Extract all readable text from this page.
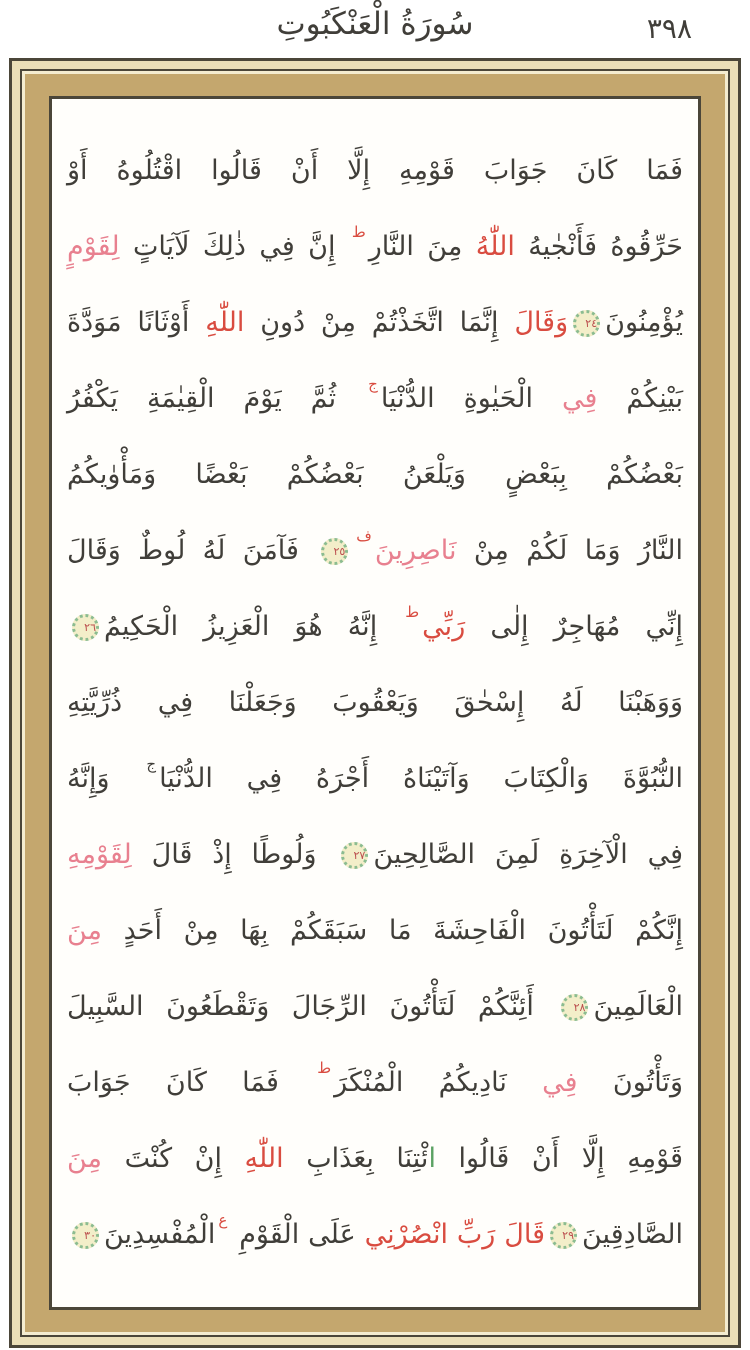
سُورَةُ الْعَنْكَبُوتِ	٣٩٨
فَمَا كَانَ جَوَابَ قَوْمِهِ إِلَّا أَنْ قَالُوا اقْتُلُوهُ أَوْ
حَرِّقُوهُ فَأَنْجٰيهُ اللّٰهُ مِنَ النَّارِط إِنَّ فِي ذٰلِكَ لَآيَاتٍ لِقَوْمٍ
يُؤْمِنُونَ٢٤وَقَالَ إِنَّمَا اتَّخَذْتُمْ مِنْ دُونِ اللّٰهِ أَوْثَانًا مَوَدَّةَ
بَيْنِكُمْ فِي الْحَيٰوةِ الدُّنْيَاج ثُمَّ يَوْمَ الْقِيٰمَةِ يَكْفُرُ
بَعْضُكُمْ بِبَعْضٍ وَيَلْعَنُ بَعْضُكُمْ بَعْضًا وَمَأْوٰيكُمُ
النَّارُ وَمَا لَكُمْ مِنْ نَاصِرِينَف٢٥ فَآمَنَ لَهُ لُوطٌ وَقَالَ
إِنِّي مُهَاجِرٌ إِلٰى رَبِّيط إِنَّهُ هُوَ الْعَزِيزُ الْحَكِيمُ٢٦
وَوَهَبْنَا لَهُ إِسْحٰقَ وَيَعْقُوبَ وَجَعَلْنَا فِي ذُرِّيَّتِهِ
النُّبُوَّةَ وَالْكِتَابَ وَآتَيْنَاهُ أَجْرَهُ فِي الدُّنْيَاج وَإِنَّهُ
فِي الْآخِرَةِ لَمِنَ الصَّالِحِينَ٢٧ وَلُوطًا إِذْ قَالَ لِقَوْمِهِ
إِنَّكُمْ لَتَأْتُونَ الْفَاحِشَةَ مَا سَبَقَكُمْ بِهَا مِنْ أَحَدٍ مِنَ
الْعَالَمِينَ٢٨ أَئِنَّكُمْ لَتَأْتُونَ الرِّجَالَ وَتَقْطَعُونَ السَّبِيلَ
وَتَأْتُونَ فِي نَادِيكُمُ الْمُنْكَرَط فَمَا كَانَ جَوَابَ
قَوْمِهِ إِلَّا أَنْ قَالُوا ائْتِنَا بِعَذَابِ اللّٰهِ إِنْ كُنْتَ مِنَ
الصَّادِقِينَ٢٩قَالَ رَبِّ انْصُرْنِي عَلَى الْقَوْمِ عالْمُفْسِدِينَ٣٠
